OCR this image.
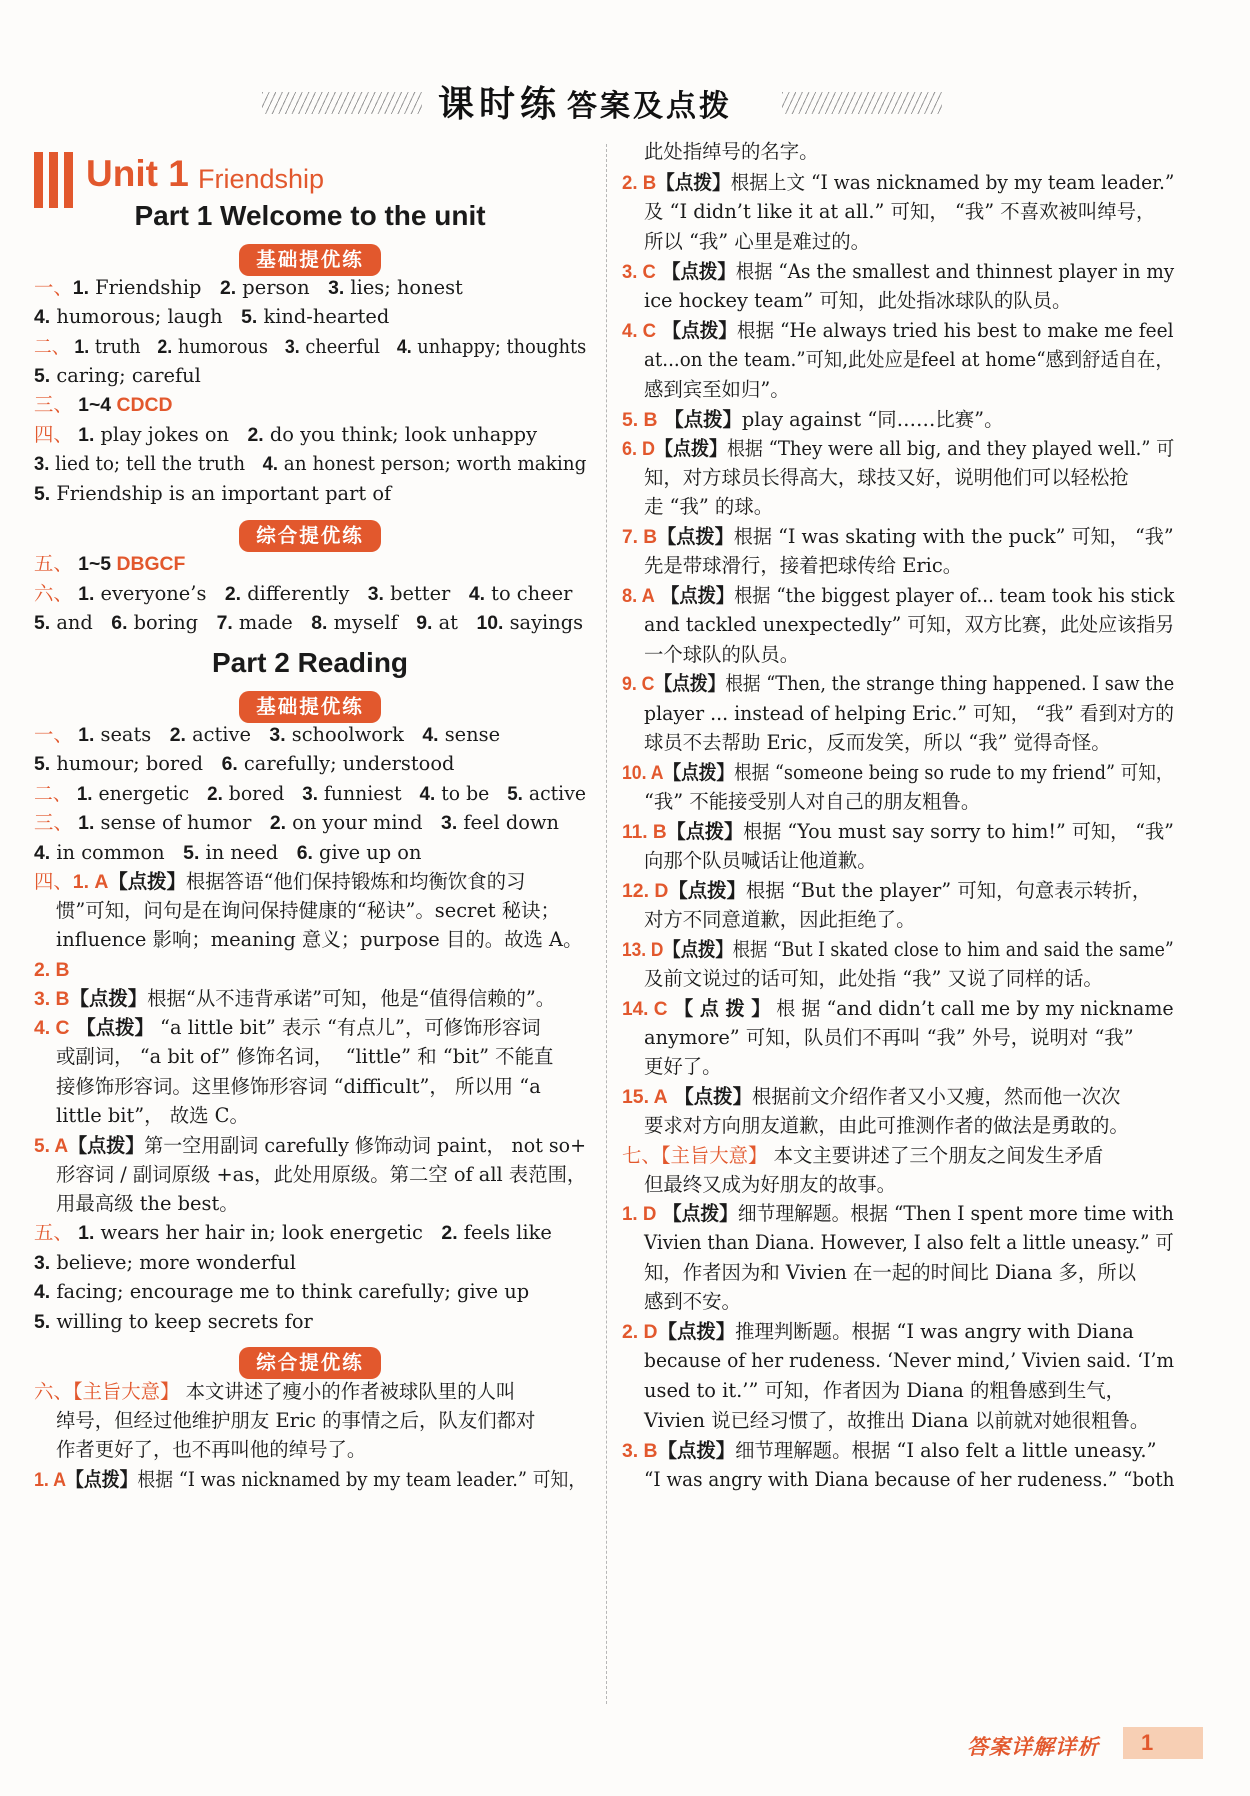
课时练 答案及点拨
Unit 1 Friendship
Part 1 Welcome to the unit
基础提优练
一、1. Friendship   2. person   3. lies; honest
4. humorous; laugh   5. kind-hearted
二、 1. truth   2. humorous   3. cheerful   4. unhappy; thoughts
5. caring; careful
三、 1~4 CDCD
四、 1. play jokes on   2. do you think; look unhappy
3. lied to; tell the truth   4. an honest person; worth making
5. Friendship is an important part of
综合提优练
五、 1~5 DBGCF
六、 1. everyone’s   2. differently   3. better   4. to cheer
5. and   6. boring   7. made   8. myself   9. at   10. sayings
Part 2 Reading
基础提优练
一、 1. seats   2. active   3. schoolwork   4. sense
5. humour; bored   6. carefully; understood
二、 1. energetic   2. bored   3. funniest   4. to be   5. active
三、 1. sense of humor   2. on your mind   3. feel down
4. in common   5. in need   6. give up on
四、1. A【点拨】根据答语“他们保持锻炼和均衡饮食的习
惯”可知，问句是在询问保持健康的“秘诀”。secret 秘诀；
influence 影响；meaning 意义；purpose 目的。故选 A。
2. B
3. B【点拨】根据“从不违背承诺”可知，他是“值得信赖的”。
4. C 【点拨】 “a little bit” 表示 “有点儿”，可修饰形容词
或副词， “a bit of” 修饰名词，  “little” 和 “bit” 不能直
接修饰形容词。这里修饰形容词 “difficult”， 所以用 “a
little bit”， 故选 C。
5. A【点拨】第一空用副词 carefully 修饰动词 paint， not so+
形容词 / 副词原级 +as，此处用原级。第二空 of all 表范围，
用最高级 the best。
五、 1. wears her hair in; look energetic   2. feels like
3. believe; more wonderful
4. facing; encourage me to think carefully; give up
5. willing to keep secrets for
综合提优练
六、【主旨大意】 本文讲述了瘦小的作者被球队里的人叫
绰号，但经过他维护朋友 Eric 的事情之后，队友们都对
作者更好了，也不再叫他的绰号了。
1. A【点拨】根据 “I was nicknamed by my team leader.” 可知，
此处指绰号的名字。
2. B【点拨】根据上文 “I was nicknamed by my team leader.”
及 “I didn’t like it at all.” 可知， “我” 不喜欢被叫绰号，
所以 “我” 心里是难过的。
3. C 【点拨】根据 “As the smallest and thinnest player in my
ice hockey team” 可知，此处指冰球队的队员。
4. C 【点拨】根据 “He always tried his best to make me feel
at...on the team.”可知,此处应是feel at home“感到舒适自在，
感到宾至如归”。
5. B 【点拨】play against “同……比赛”。
6. D【点拨】根据 “They were all big, and they played well.” 可
知，对方球员长得高大，球技又好，说明他们可以轻松抢
走 “我” 的球。
7. B【点拨】根据 “I was skating with the puck” 可知， “我”
先是带球滑行，接着把球传给 Eric。
8. A 【点拨】根据 “the biggest player of... team took his stick
and tackled unexpectedly” 可知，双方比赛，此处应该指另
一个球队的队员。
9. C【点拨】根据 “Then, the strange thing happened. I saw the
player ... instead of helping Eric.” 可知， “我” 看到对方的
球员不去帮助 Eric，反而发笑，所以 “我” 觉得奇怪。
10. A【点拨】根据 “someone being so rude to my friend” 可知，
“我” 不能接受别人对自己的朋友粗鲁。
11. B【点拨】根据 “You must say sorry to him!” 可知， “我”
向那个队员喊话让他道歉。
12. D【点拨】根据 “But the player” 可知，句意表示转折，
对方不同意道歉，因此拒绝了。
13. D【点拨】根据 “But I skated close to him and said the same”
及前文说过的话可知，此处指 “我” 又说了同样的话。
14. C 【 点 拨 】 根 据 “and didn’t call me by my nickname
anymore” 可知，队员们不再叫 “我” 外号，说明对 “我”
更好了。
15. A 【点拨】根据前文介绍作者又小又瘦，然而他一次次
要求对方向朋友道歉，由此可推测作者的做法是勇敢的。
七、【主旨大意】 本文主要讲述了三个朋友之间发生矛盾
但最终又成为好朋友的故事。
1. D 【点拨】细节理解题。根据 “Then I spent more time with
Vivien than Diana. However, I also felt a little uneasy.” 可
知，作者因为和 Vivien 在一起的时间比 Diana 多，所以
感到不安。
2. D【点拨】推理判断题。根据 “I was angry with Diana
because of her rudeness. ‘Never mind,’ Vivien said. ‘I’m
used to it.’” 可知，作者因为 Diana 的粗鲁感到生气，
Vivien 说已经习惯了，故推出 Diana 以前就对她很粗鲁。
3. B【点拨】细节理解题。根据 “I also felt a little uneasy.”
“I was angry with Diana because of her rudeness.” “both
答案详解详析	1
